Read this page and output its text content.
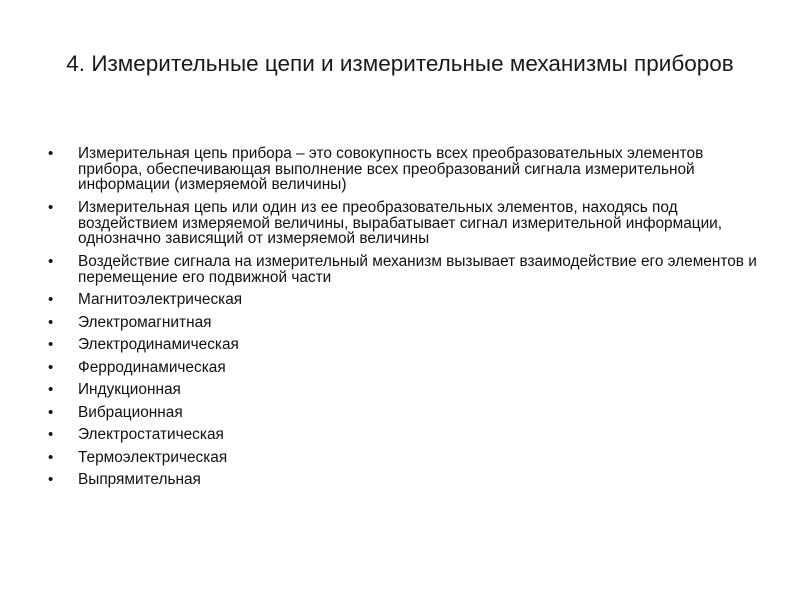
4. Измерительные цепи и измерительные механизмы приборов
• Измерительная цепь прибора – это совокупность всех преобразовательных элементов прибора, обеспечивающая выполнение всех преобразований сигнала измерительной информации (измеряемой величины)
• Измерительная цепь или один из ее преобразовательных элементов, находясь под воздействием измеряемой величины, вырабатывает сигнал измерительной информации, однозначно зависящий от измеряемой величины
• Воздействие сигнала на измерительный механизм вызывает взаимодействие его элементов и перемещение его подвижной части
• Магнитоэлектрическая
• Электромагнитная
• Электродинамическая
• Ферродинамическая
• Индукционная
• Вибрационная
• Электростатическая
• Термоэлектрическая
• Выпрямительная
